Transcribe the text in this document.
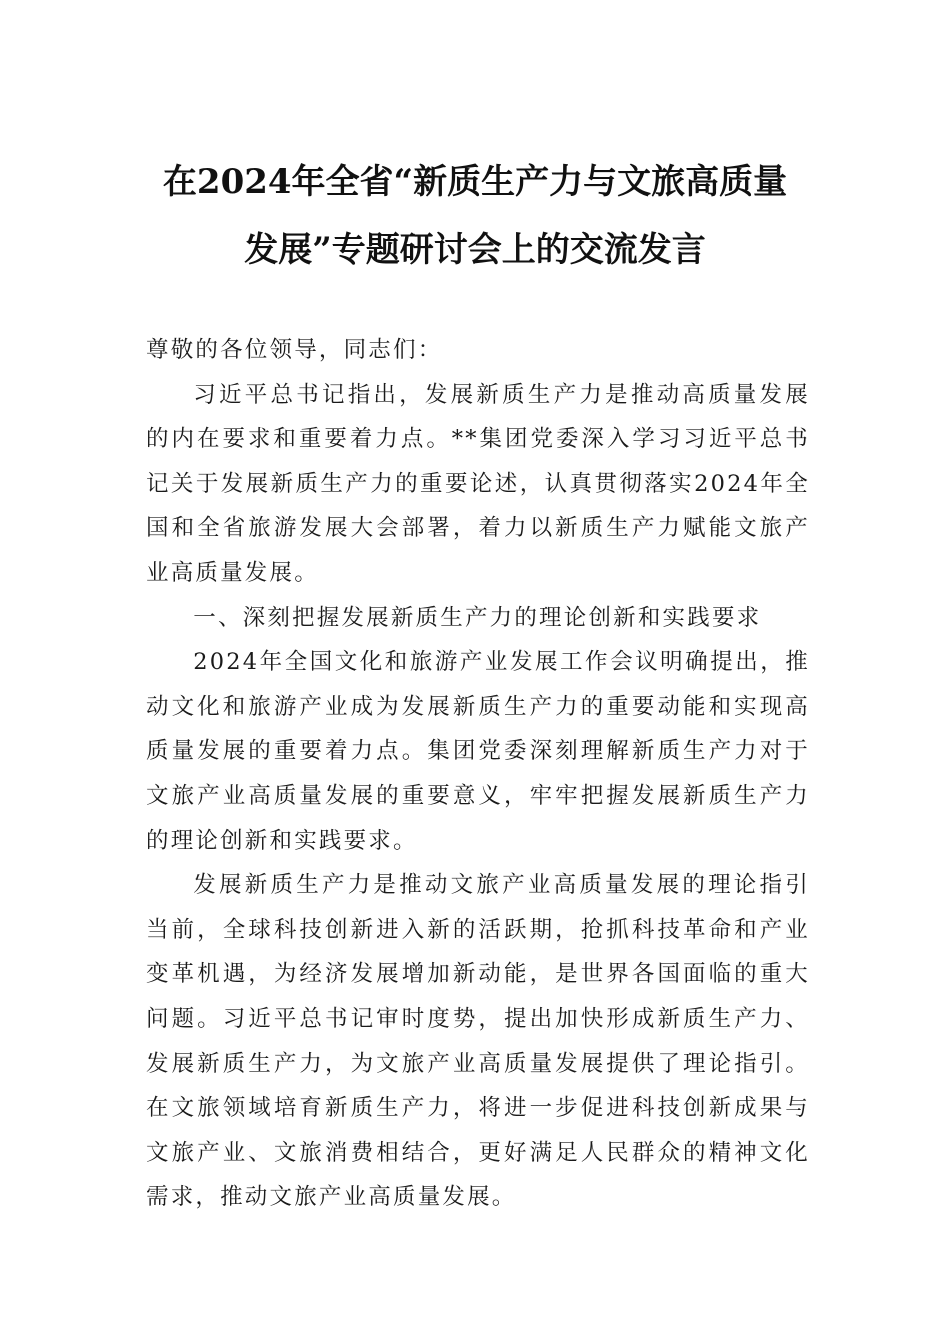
在2024年全省“新质生产力与文旅高质量
发展”专题研讨会上的交流发言

尊敬的各位领导，同志们：

习近平总书记指出，发展新质生产力是推动高质量发展的内在要求和重要着力点。**集团党委深入学习习近平总书记关于发展新质生产力的重要论述，认真贯彻落实2024年全国和全省旅游发展大会部署，着力以新质生产力赋能文旅产业高质量发展。

一、深刻把握发展新质生产力的理论创新和实践要求

2024年全国文化和旅游产业发展工作会议明确提出，推动文化和旅游产业成为发展新质生产力的重要动能和实现高质量发展的重要着力点。集团党委深刻理解新质生产力对于文旅产业高质量发展的重要意义，牢牢把握发展新质生产力的理论创新和实践要求。

发展新质生产力是推动文旅产业高质量发展的理论指引当前，全球科技创新进入新的活跃期，抢抓科技革命和产业变革机遇，为经济发展增加新动能，是世界各国面临的重大问题。习近平总书记审时度势，提出加快形成新质生产力、发展新质生产力，为文旅产业高质量发展提供了理论指引。在文旅领域培育新质生产力，将进一步促进科技创新成果与文旅产业、文旅消费相结合，更好满足人民群众的精神文化需求，推动文旅产业高质量发展。
